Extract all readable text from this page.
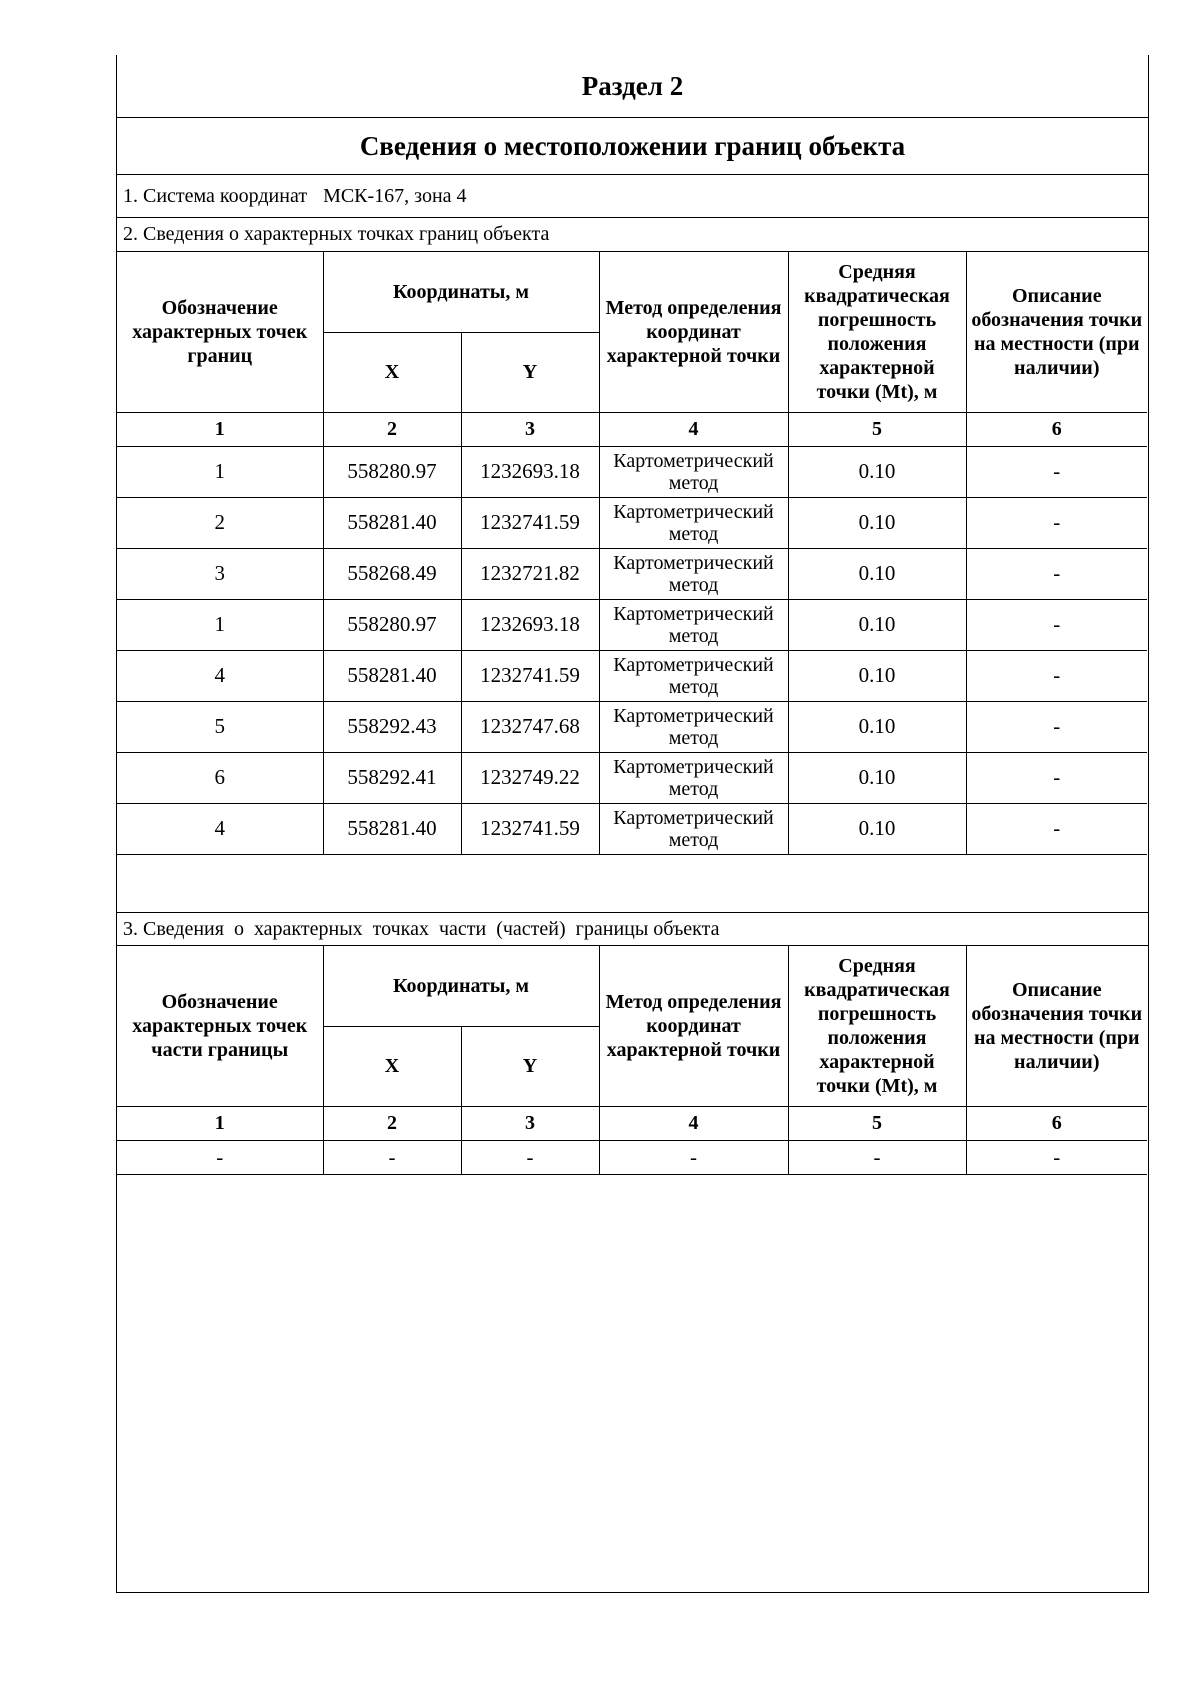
Раздел 2
Сведения о местоположении границ объекта
1. Система координат МСК-167, зона 4
2. Сведения о характерных точках границ объекта
Обозначение характерных точек границ	Координаты, м		Метод определения координат характерной точки	Средняя квадратическая погрешность положения характерной точки (Mt), м	Описание обозначения точки на местности (при наличии)
	X	Y			
1	2	3	4	5	6
1	558280.97	1232693.18	Картометрический метод	0.10	-
2	558281.40	1232741.59	Картометрический метод	0.10	-
3	558268.49	1232721.82	Картометрический метод	0.10	-
1	558280.97	1232693.18	Картометрический метод	0.10	-
4	558281.40	1232741.59	Картометрический метод	0.10	-
5	558292.43	1232747.68	Картометрический метод	0.10	-
6	558292.41	1232749.22	Картометрический метод	0.10	-
4	558281.40	1232741.59	Картометрический метод	0.10	-
3. Сведения  о  характерных  точках  части  (частей)  границы объекта
Обозначение характерных точек части границы	Координаты, м		Метод определения координат характерной точки	Средняя квадратическая погрешность положения характерной точки (Mt), м	Описание обозначения точки на местности (при наличии)
	X	Y			
1	2	3	4	5	6
-	-	-	-	-	-
